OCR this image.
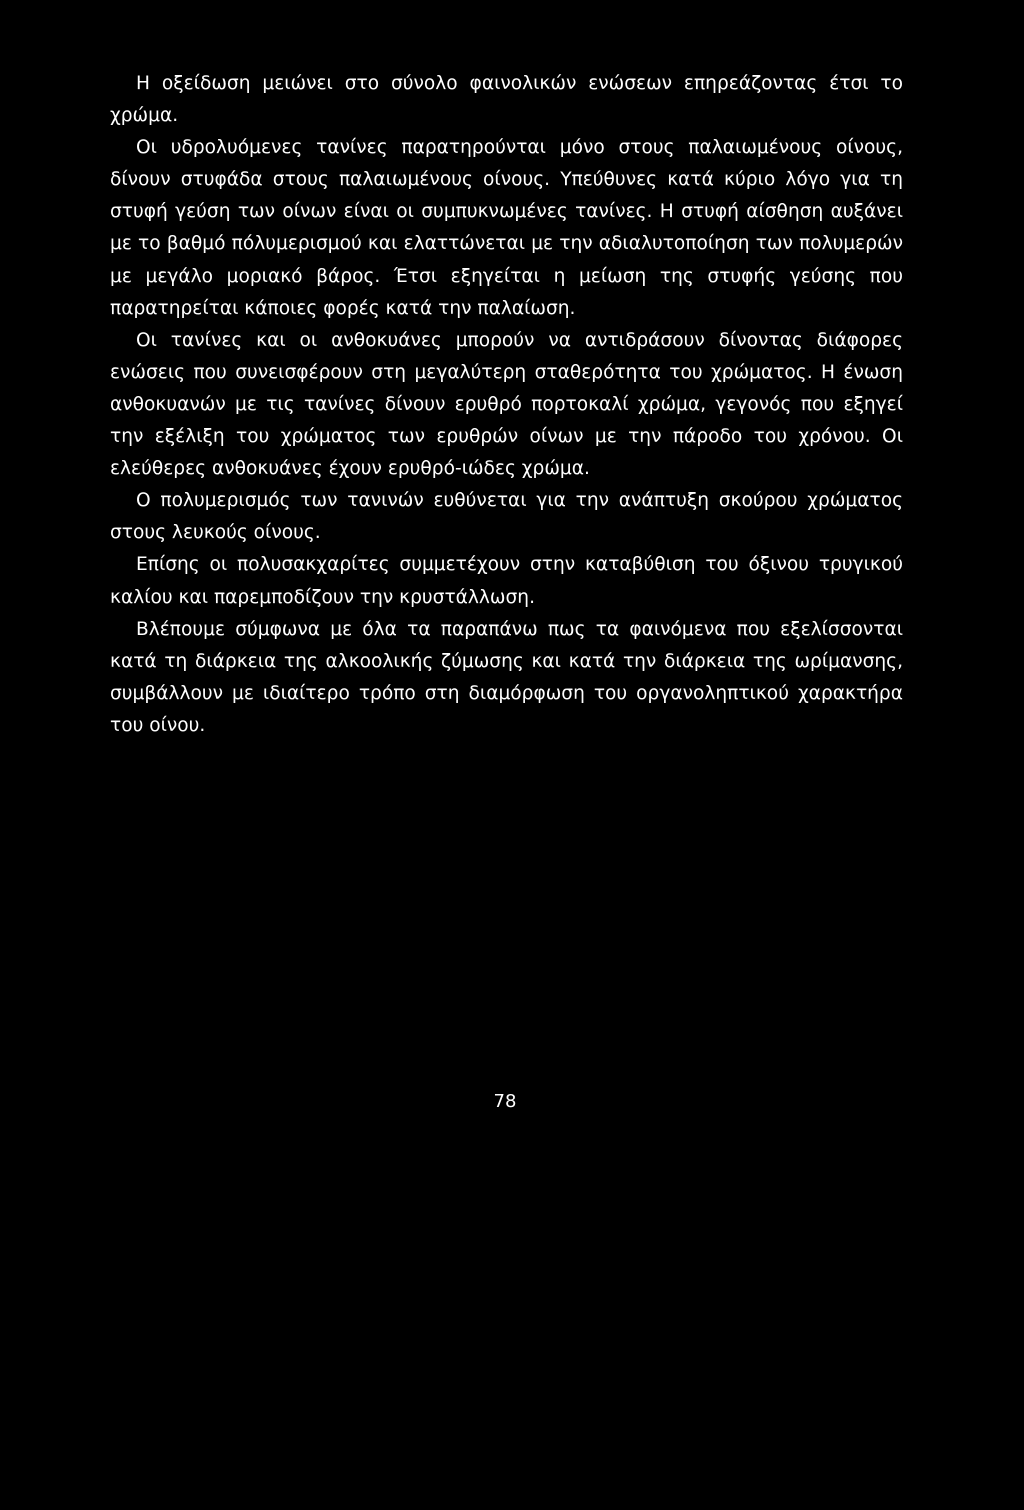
Η οξείδωση μειώνει στο σύνολο φαινολικών ενώσεων επηρεάζοντας έτσι το χρώμα.

Οι υδρολυόμενες τανίνες παρατηρούνται μόνο στους παλαιωμένους οίνους, δίνουν στυφάδα στους παλαιωμένους οίνους. Υπεύθυνες κατά κύριο λόγο για τη στυφή γεύση των οίνων είναι οι συμπυκνωμένες τανίνες. Η στυφή αίσθηση αυξάνει με το βαθμό πόλυμερισμού και ελαττώνεται με την αδιαλυτοποίηση των πολυμερών με μεγάλο μοριακό βάρος. Έτσι εξηγείται η μείωση της στυφής γεύσης που παρατηρείται κάποιες φορές κατά την παλαίωση.

Οι τανίνες και οι ανθοκυάνες μπορούν να αντιδράσουν δίνοντας διάφορες ενώσεις που συνεισφέρουν στη μεγαλύτερη σταθερότητα του χρώματος. Η ένωση ανθοκυανών με τις τανίνες δίνουν ερυθρό πορτοκαλί χρώμα, γεγονός που εξηγεί την εξέλιξη του χρώματος των ερυθρών οίνων με την πάροδο του χρόνου. Οι ελεύθερες ανθοκυάνες έχουν ερυθρό-ιώδες χρώμα.

Ο πολυμερισμός των τανινών ευθύνεται για την ανάπτυξη σκούρου χρώματος στους λευκούς οίνους.

Επίσης οι πολυσακχαρίτες συμμετέχουν στην καταβύθιση του όξινου τρυγικού καλίου και παρεμποδίζουν την κρυστάλλωση.

Βλέπουμε σύμφωνα με όλα τα παραπάνω πως τα φαινόμενα που εξελίσσονται κατά τη διάρκεια της αλκοολικής ζύμωσης και κατά την διάρκεια της ωρίμανσης, συμβάλλουν με ιδιαίτερο τρόπο στη διαμόρφωση του οργανοληπτικού χαρακτήρα του οίνου.

78
